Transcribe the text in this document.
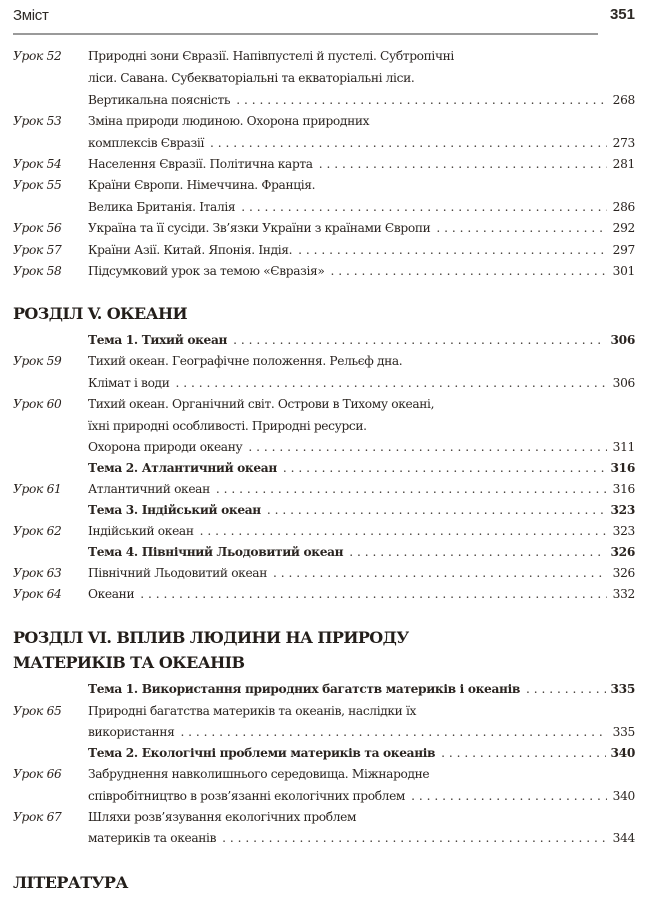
Зміст	351
РОЗДІЛ V. ОКЕАНИ
РОЗДІЛ VI. ВПЛИВ ЛЮДИНИ НА ПРИРОДУ
МАТЕРИКІВ ТА ОКЕАНІВ
ЛІТЕРАТУРА
Урок 52	Природні зони Євразії. Напівпустелі й пустелі. Субтропічні
ліси. Савана. Субекваторіальні та екваторіальні ліси.
Вертикальна поясність . . .	268
Урок 53	Зміна природи людиною. Охорона природних
комплексів Євразії . . .	273
Урок 54	Населення Євразії. Політична карта . . .	281
Урок 55	Країни Європи. Німеччина. Франція.
Велика Британія. Італія . . .	286
Урок 56	Україна та її сусіди. Зв’язки України з країнами Європи . . .	292
Урок 57	Країни Азії. Китай. Японія. Індія. . . .	297
Урок 58	Підсумковий урок за темою «Євразія» . . .	301
Тема 1. Тихий океан . . .	306
Урок 59	Тихий океан. Географічне положення. Рельєф дна.
Клімат і води . . .	306
Урок 60	Тихий океан. Органічний світ. Острови в Тихому океані,
їхні природні особливості. Природні ресурси.
Охорона природи океану . . .	311
Тема 2. Атлантичний океан . . .	316
Урок 61	Атлантичний океан . . .	316
Тема 3. Індійський океан . . .	323
Урок 62	Індійський океан . . .	323
Тема 4. Північний Льодовитий океан . . .	326
Урок 63	Північний Льодовитий океан . . .	326
Урок 64	Океани . . .	332
Тема 1. Використання природних багатств материків і океанів . . .	335
Урок 65	Природні багатства материків та океанів, наслідки їх
використання . . .	335
Тема 2. Екологічні проблеми материків та океанів . . .	340
Урок 66	Забруднення навколишнього середовища. Міжнародне
співробітництво в розв’язанні екологічних проблем . . .	340
Урок 67	Шляхи розв’язування екологічних проблем
материків та океанів . . .	344
